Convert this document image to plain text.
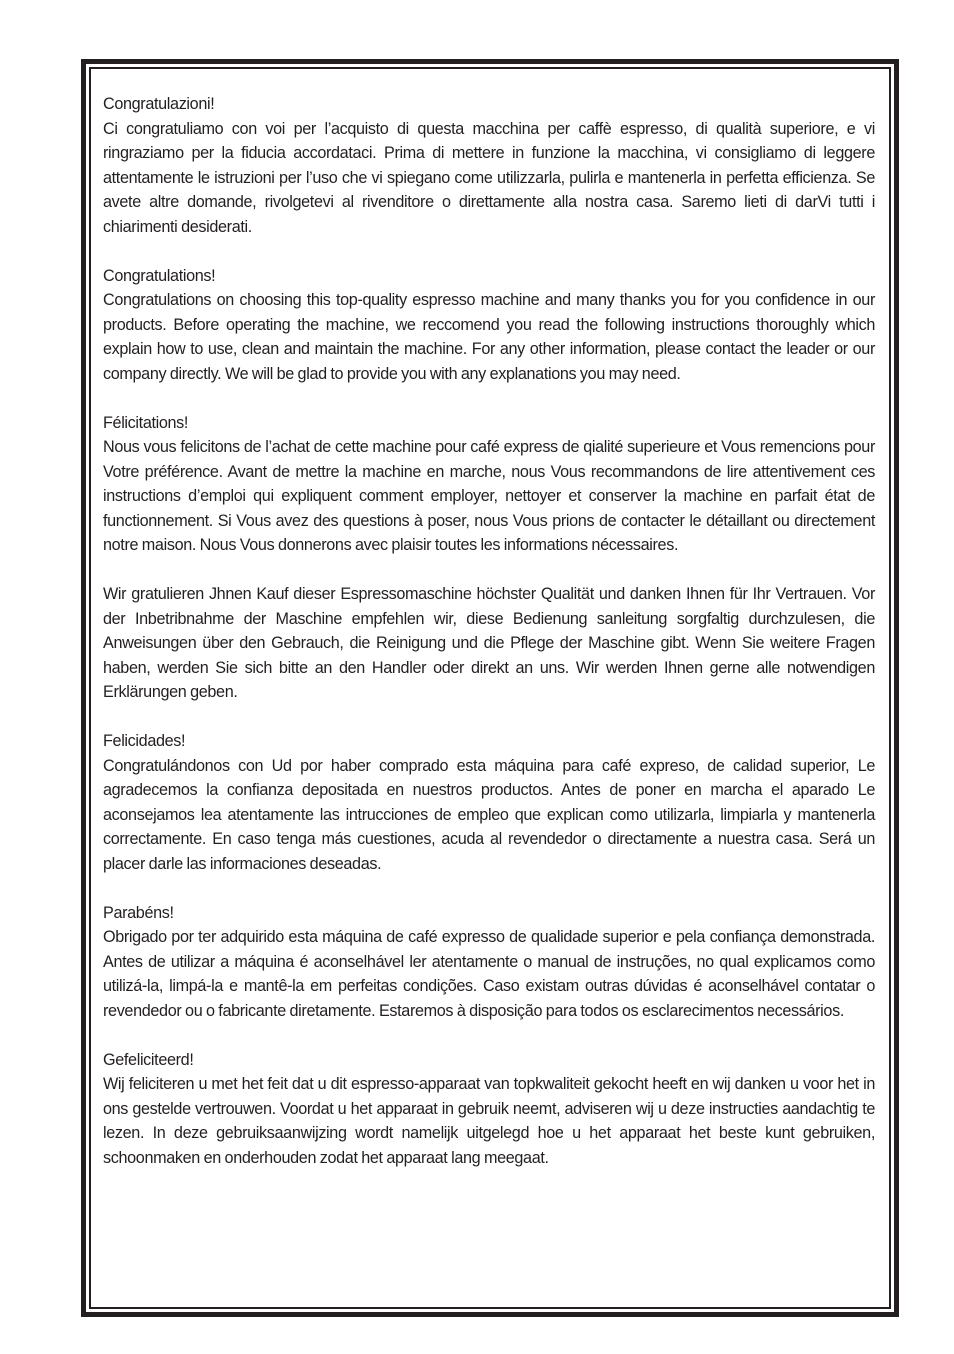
Congratulazioni!
Ci congratuliamo con voi per l’acquisto di questa macchina per caffè espresso, di qualità superiore, e vi ringraziamo per la fiducia accordataci. Prima di mettere in funzione la macchina, vi consigliamo di leggere attentamente le istruzioni per l’uso che vi spiegano come utilizzarla, pulirla e mantenerla in perfetta efficienza. Se avete altre domande, rivolgetevi al rivenditore o direttamente alla nostra casa. Saremo lieti di darVi tutti i chiarimenti desiderati.
Congratulations!
Congratulations on choosing this top-quality espresso machine and many thanks you for you confidence in our products. Before operating the machine, we reccomend you read the following instructions thoroughly which explain how to use, clean and maintain the machine. For any other information, please contact the leader or our company directly. We will be glad to provide you with any explanations you may need.
Félicitations!
Nous vous felicitons de l’achat de cette machine pour café express de qialité superieure et Vous remencions pour Votre préférence. Avant de mettre la machine en marche, nous Vous recommandons de lire attentivement ces instructions d’emploi qui expliquent comment employer, nettoyer et conserver la machine en parfait état de functionnement. Si Vous avez des questions à poser, nous Vous prions de contacter le détaillant ou directement notre maison. Nous Vous donnerons avec plaisir toutes les informations nécessaires.
Wir gratulieren Jhnen Kauf dieser Espressomaschine höchster Qualität und danken Ihnen für Ihr Vertrauen. Vor der Inbetribnahme der Maschine empfehlen wir, diese Bedienung sanleitung sorgfaltig durchzulesen, die Anweisungen über den Gebrauch, die Reinigung und die Pflege der Maschine gibt. Wenn Sie weitere Fragen haben, werden Sie sich bitte an den Handler oder direkt an uns. Wir werden Ihnen gerne alle notwendigen Erklärungen geben.
Felicidades!
Congratulándonos con Ud por haber comprado esta máquina para café expreso, de calidad superior, Le agradecemos la confianza depositada en nuestros productos. Antes de poner en marcha el aparado Le aconsejamos lea atentamente las intrucciones de empleo que explican como utilizarla, limpiarla y mantenerla correctamente. En caso tenga más cuestiones, acuda al revendedor o directamente a nuestra casa. Será un placer darle las informaciones deseadas.
Parabéns!
Obrigado por ter adquirido esta máquina de café expresso de qualidade superior e pela confiança demonstrada. Antes de utilizar a máquina é aconselhável ler atentamente o manual de instruções, no qual explicamos como utilizá-la, limpá-la e mantê-la em perfeitas condições. Caso existam outras dúvidas é aconselhável contatar o revendedor ou o fabricante diretamente. Estaremos à disposição para todos os esclarecimentos necessários.
Gefeliciteerd!
Wij feliciteren u met het feit dat u dit espresso-apparaat van topkwaliteit gekocht heeft en wij danken u voor het in ons gestelde vertrouwen. Voordat u het apparaat in gebruik neemt, adviseren wij u deze instructies aandachtig te lezen. In deze gebruiksaanwijzing wordt namelijk uitgelegd hoe u het apparaat het beste kunt gebruiken, schoonmaken en onderhouden zodat het apparaat lang meegaat.
